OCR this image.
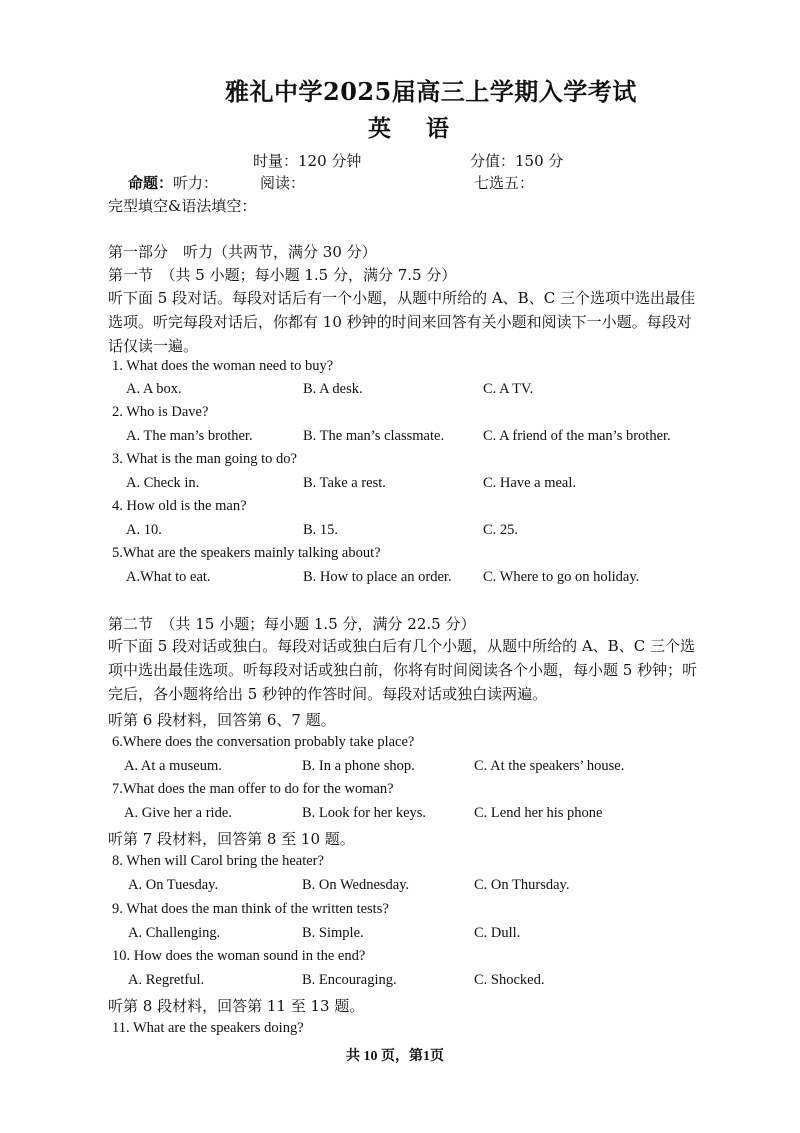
雅礼中学2025届高三上学期入学考试
英　语
时量：120 分钟	分值：150 分
命题：听力：	阅读：	七选五：
完型填空&语法填空：
第一部分　听力（共两节，满分 30 分）
第一节　（共 5 小题；每小题 1.5 分，满分 7.5 分）
听下面 5 段对话。每段对话后有一个小题，从题中所给的 A、B、C 三个选项中选出最佳选项。听完每段对话后，你都有 10 秒钟的时间来回答有关小题和阅读下一小题。每段对话仅读一遍。
1. What does the woman need to buy?
A. A box.	B. A desk.	C. A TV.
2. Who is Dave?
A. The man’s brother.	B. The man’s classmate.	C. A friend of the man’s brother.
3. What is the man going to do?
A. Check in.	B. Take a rest.	C. Have a meal.
4. How old is the man?
A. 10.	B. 15.	C. 25.
5.What are the speakers mainly talking about?
A.What to eat.	B. How to place an order. C. Where to go on holiday.
第二节　（共 15 小题；每小题 1.5 分，满分 22.5 分）
听下面 5 段对话或独白。每段对话或独白后有几个小题，从题中所给的 A、B、C 三个选项中选出最佳选项。听每段对话或独白前，你将有时间阅读各个小题，每小题 5 秒钟；听完后，各小题将给出 5 秒钟的作答时间。每段对话或独白读两遍。
听第 6 段材料，回答第 6、7 题。
6.Where does the conversation probably take place?
A. At a museum.	B. In a phone shop.	C. At the speakers’ house.
7.What does the man offer to do for the woman?
A. Give her a ride.	B. Look for her keys.	C. Lend her his phone
听第 7 段材料，回答第 8 至 10 题。
8. When will Carol bring the heater?
A. On Tuesday.	B. On Wednesday.	C. On Thursday.
9. What does the man think of the written tests?
A. Challenging.	B. Simple.	C. Dull.
10. How does the woman sound in the end?
A. Regretful.	B. Encouraging.	C. Shocked.
听第 8 段材料，回答第 11 至 13 题。
11. What are the speakers doing?
共 10 页，第1页
